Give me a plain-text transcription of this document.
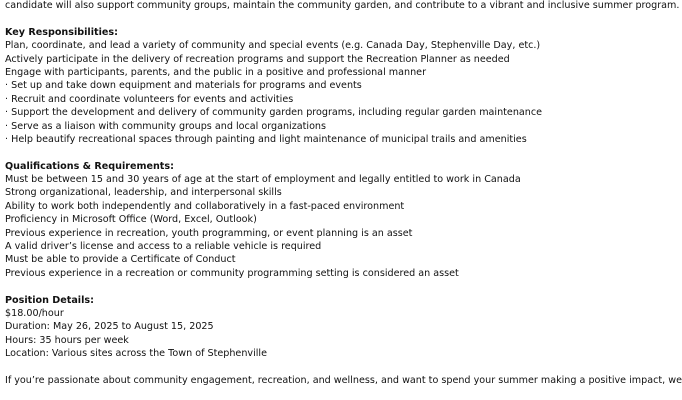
candidate will also support community groups, maintain the community garden, and contribute to a vibrant and inclusive summer program.
Key Responsibilities:
Plan, coordinate, and lead a variety of community and special events (e.g. Canada Day, Stephenville Day, etc.)
Actively participate in the delivery of recreation programs and support the Recreation Planner as needed
Engage with participants, parents, and the public in a positive and professional manner
· Set up and take down equipment and materials for programs and events
· Recruit and coordinate volunteers for events and activities
· Support the development and delivery of community garden programs, including regular garden maintenance
· Serve as a liaison with community groups and local organizations
· Help beautify recreational spaces through painting and light maintenance of municipal trails and amenities
Qualifications & Requirements:
Must be between 15 and 30 years of age at the start of employment and legally entitled to work in Canada
Strong organizational, leadership, and interpersonal skills
Ability to work both independently and collaboratively in a fast-paced environment
Proficiency in Microsoft Office (Word, Excel, Outlook)
Previous experience in recreation, youth programming, or event planning is an asset
A valid driver’s license and access to a reliable vehicle is required
Must be able to provide a Certificate of Conduct
Previous experience in a recreation or community programming setting is considered an asset
Position Details:
$18.00/hour
Duration: May 26, 2025 to August 15, 2025
Hours: 35 hours per week
Location: Various sites across the Town of Stephenville
If you’re passionate about community engagement, recreation, and wellness, and want to spend your summer making a positive impact, we
